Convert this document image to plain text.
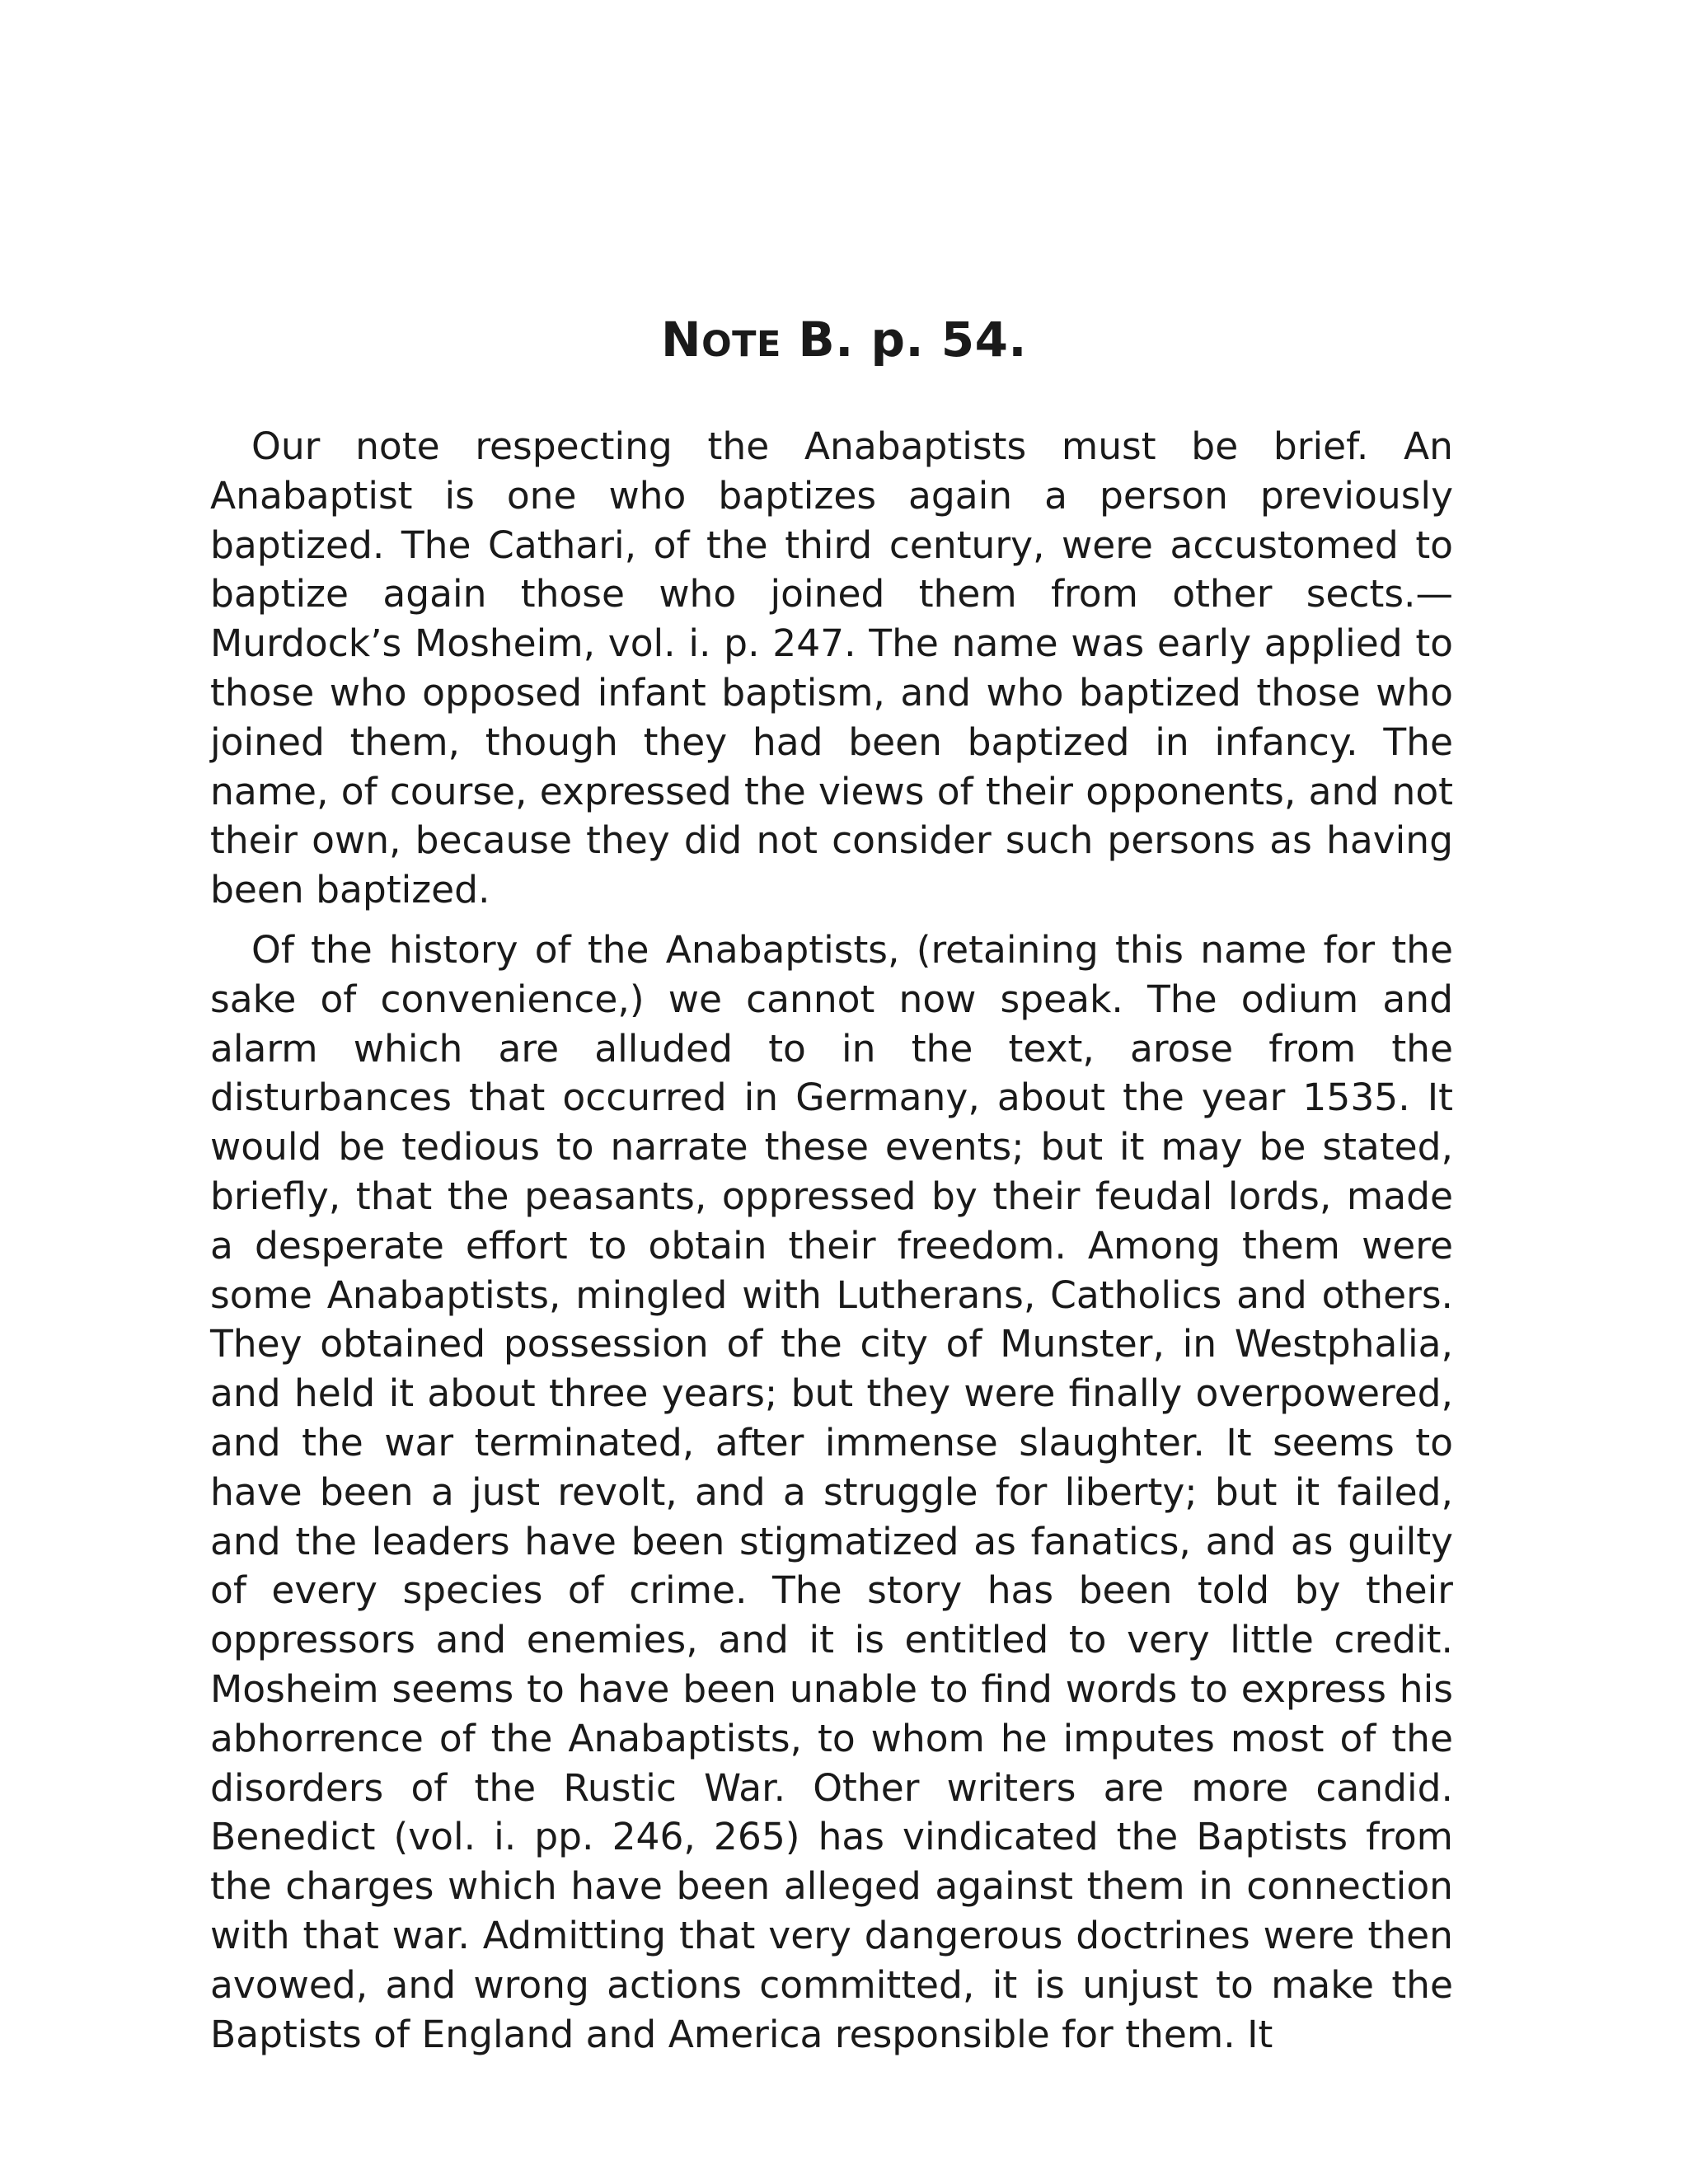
NOTE B. p. 54.

Our note respecting the Anabaptists must be brief. An Anabaptist is one who baptizes again a person previously baptized. The Cathari, of the third century, were accustomed to baptize again those who joined them from other sects.—Murdock’s Mosheim, vol. i. p. 247. The name was early applied to those who opposed infant baptism, and who baptized those who joined them, though they had been baptized in infancy. The name, of course, expressed the views of their opponents, and not their own, because they did not consider such persons as having been baptized.

Of the history of the Anabaptists, (retaining this name for the sake of convenience,) we cannot now speak. The odium and alarm which are alluded to in the text, arose from the disturbances that occurred in Germany, about the year 1535. It would be tedious to narrate these events; but it may be stated, briefly, that the peasants, oppressed by their feudal lords, made a desperate effort to obtain their freedom. Among them were some Anabaptists, mingled with Lutherans, Catholics and others. They obtained possession of the city of Munster, in Westphalia, and held it about three years; but they were finally overpowered, and the war terminated, after immense slaughter. It seems to have been a just revolt, and a struggle for liberty; but it failed, and the leaders have been stigmatized as fanatics, and as guilty of every species of crime. The story has been told by their oppressors and enemies, and it is entitled to very little credit. Mosheim seems to have been unable to find words to express his abhorrence of the Anabaptists, to whom he imputes most of the disorders of the Rustic War. Other writers are more candid. Benedict (vol. i. pp. 246, 265) has vindicated the Baptists from the charges which have been alleged against them in connection with that war. Admitting that very dangerous doctrines were then avowed, and wrong actions committed, it is unjust to make the Baptists of England and America responsible for them. It
